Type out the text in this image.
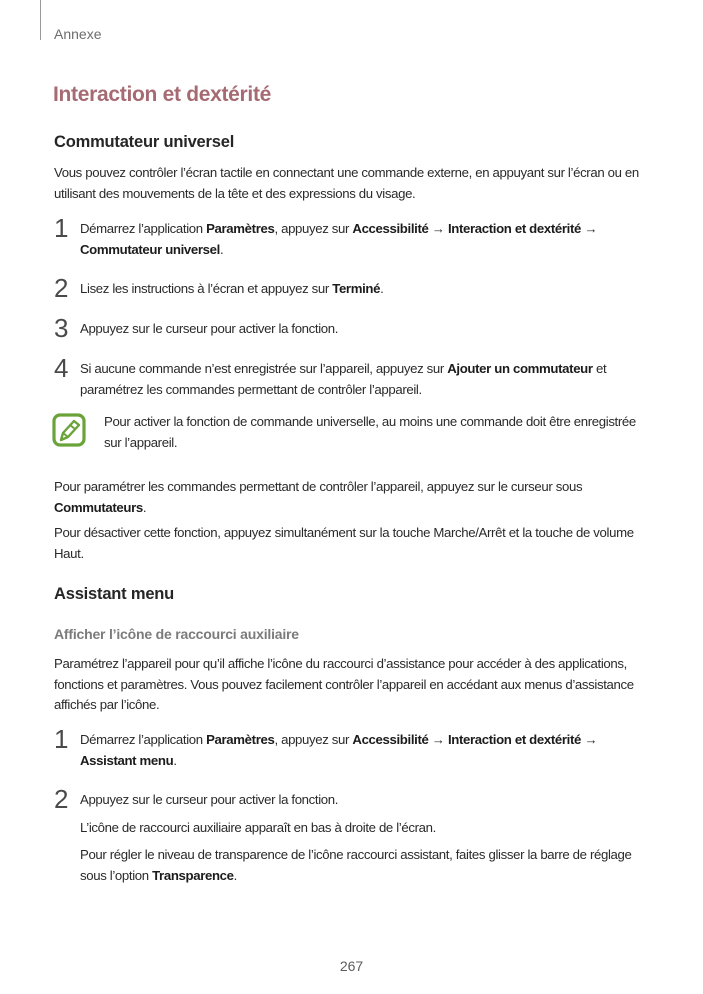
Annexe
Interaction et dextérité
Commutateur universel

Vous pouvez contrôler l’écran tactile en connectant une commande externe, en appuyant sur l’écran ou en utilisant des mouvements de la tête et des expressions du visage.

1 Démarrez l’application Paramètres, appuyez sur Accessibilité → Interaction et dextérité → Commutateur universel.

2 Lisez les instructions à l’écran et appuyez sur Terminé.

3 Appuyez sur le curseur pour activer la fonction.

4 Si aucune commande n’est enregistrée sur l’appareil, appuyez sur Ajouter un commutateur et paramétrez les commandes permettant de contrôler l’appareil.

Pour activer la fonction de commande universelle, au moins une commande doit être enregistrée sur l’appareil.

Pour paramétrer les commandes permettant de contrôler l’appareil, appuyez sur le curseur sous Commutateurs.

Pour désactiver cette fonction, appuyez simultanément sur la touche Marche/Arrêt et la touche de volume Haut.

Assistant menu
Afficher l’icône de raccourci auxiliaire

Paramétrez l’appareil pour qu’il affiche l’icône du raccourci d’assistance pour accéder à des applications, fonctions et paramètres. Vous pouvez facilement contrôler l’appareil en accédant aux menus d’assistance affichés par l’icône.

1 Démarrez l’application Paramètres, appuyez sur Accessibilité → Interaction et dextérité → Assistant menu.

2 Appuyez sur le curseur pour activer la fonction.

L’icône de raccourci auxiliaire apparaît en bas à droite de l’écran.

Pour régler le niveau de transparence de l’icône raccourci assistant, faites glisser la barre de réglage sous l’option Transparence.

267
